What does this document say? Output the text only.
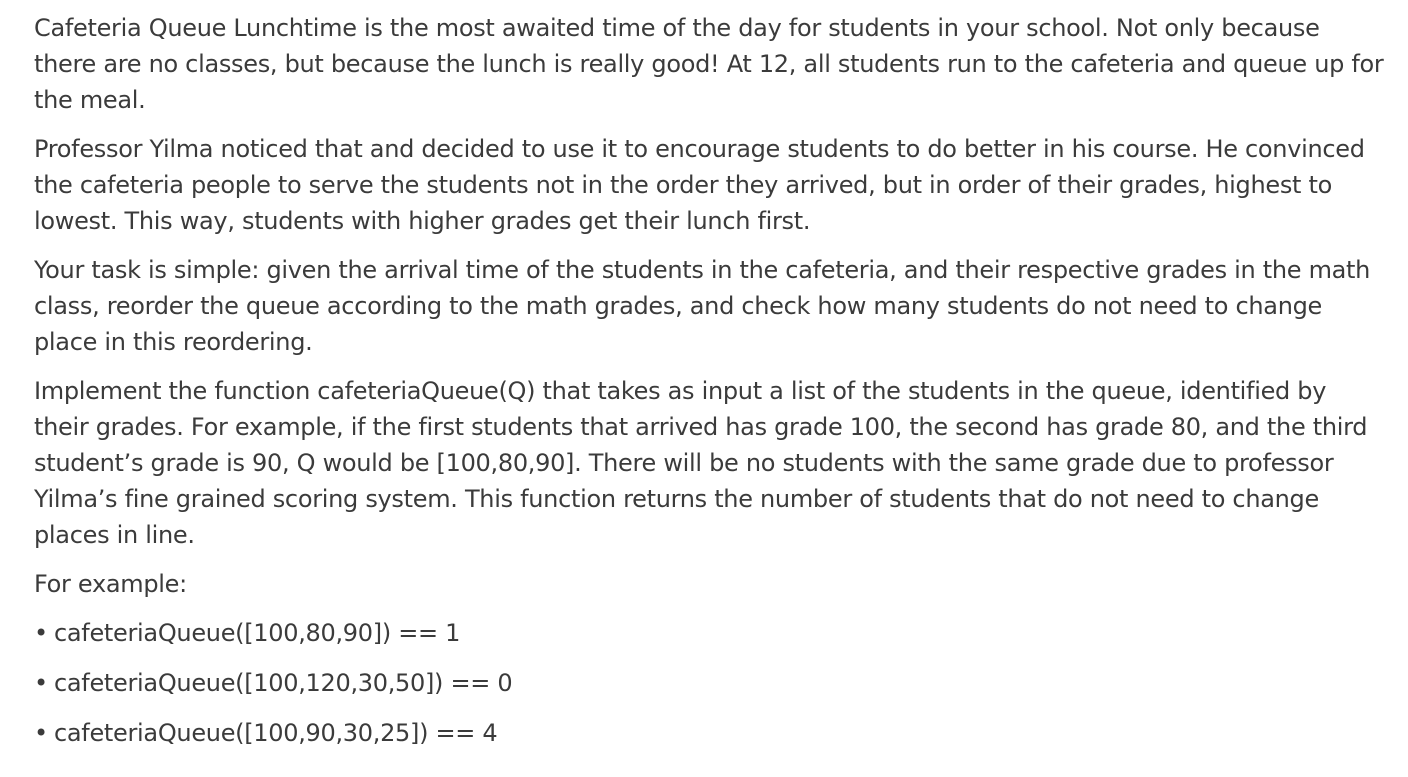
Cafeteria Queue Lunchtime is the most awaited time of the day for students in your school. Not only because there are no classes, but because the lunch is really good! At 12, all students run to the cafeteria and queue up for the meal.

Professor Yilma noticed that and decided to use it to encourage students to do better in his course. He convinced the cafeteria people to serve the students not in the order they arrived, but in order of their grades, highest to lowest. This way, students with higher grades get their lunch first.

Your task is simple: given the arrival time of the students in the cafeteria, and their respective grades in the math class, reorder the queue according to the math grades, and check how many students do not need to change place in this reordering.

Implement the function cafeteriaQueue(Q) that takes as input a list of the students in the queue, identified by their grades. For example, if the first students that arrived has grade 100, the second has grade 80, and the third student’s grade is 90, Q would be [100,80,90]. There will be no students with the same grade due to professor Yilma’s fine grained scoring system. This function returns the number of students that do not need to change places in line.

For example:

• cafeteriaQueue([100,80,90]) == 1
• cafeteriaQueue([100,120,30,50]) == 0
• cafeteriaQueue([100,90,30,25]) == 4
